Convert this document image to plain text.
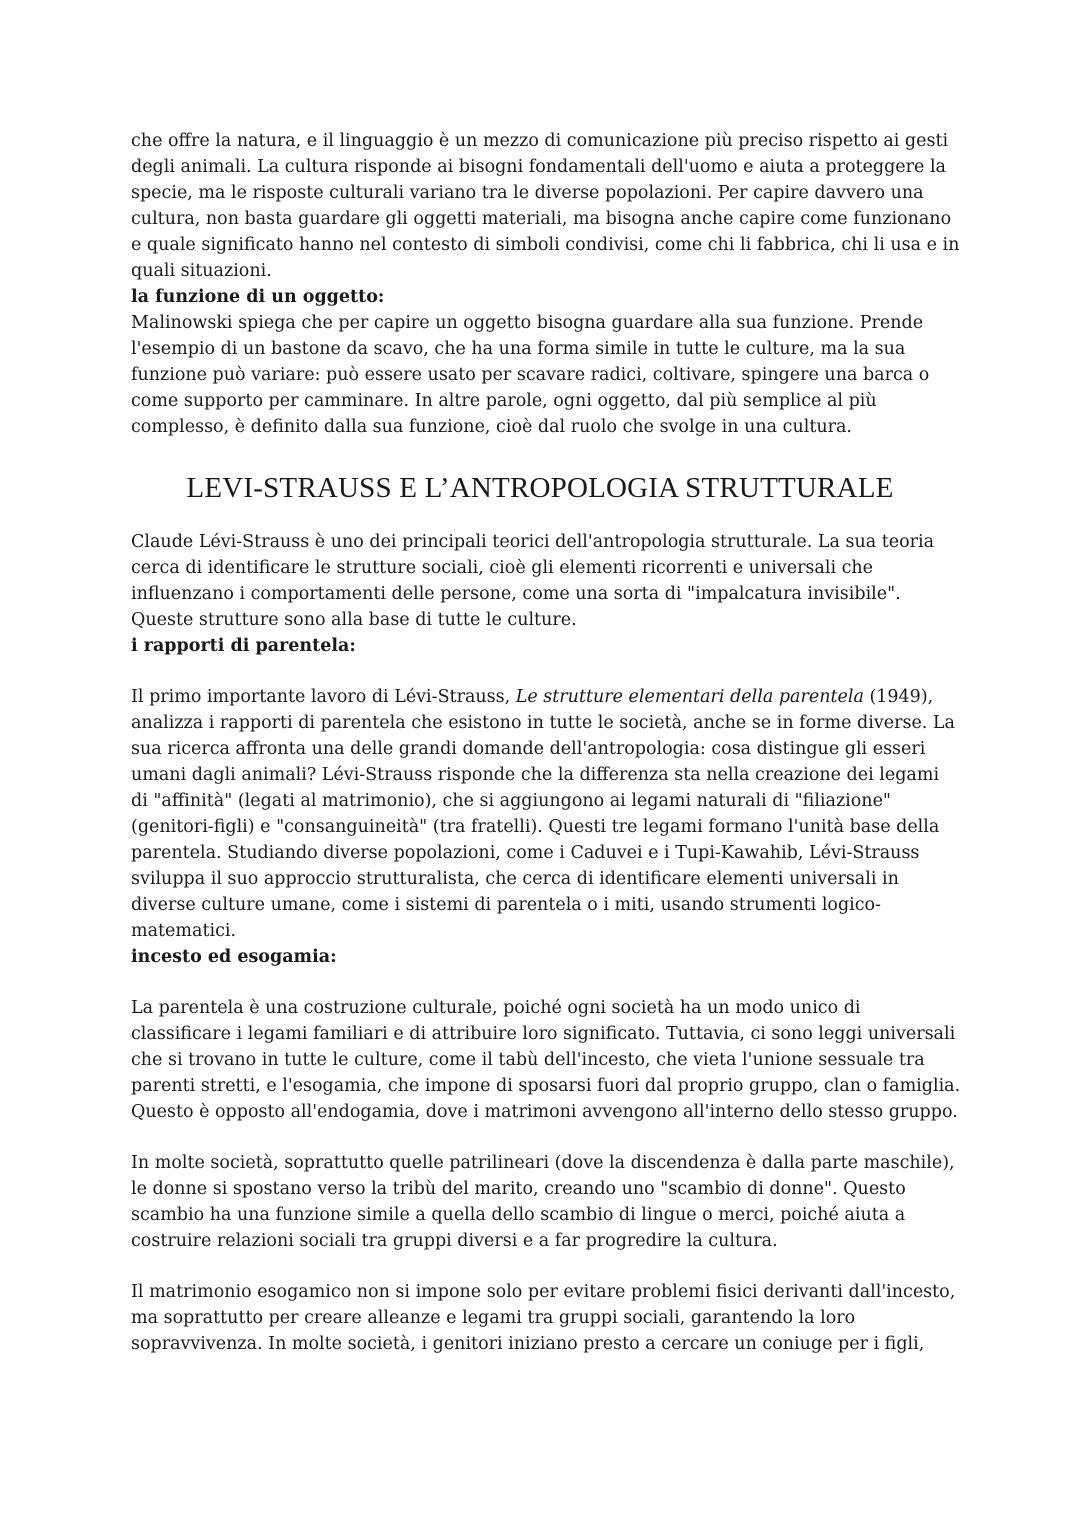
che offre la natura, e il linguaggio è un mezzo di comunicazione più preciso rispetto ai gesti degli animali. La cultura risponde ai bisogni fondamentali dell'uomo e aiuta a proteggere la specie, ma le risposte culturali variano tra le diverse popolazioni. Per capire davvero una cultura, non basta guardare gli oggetti materiali, ma bisogna anche capire come funzionano e quale significato hanno nel contesto di simboli condivisi, come chi li fabbrica, chi li usa e in quali situazioni.

la funzione di un oggetto:

Malinowski spiega che per capire un oggetto bisogna guardare alla sua funzione. Prende l'esempio di un bastone da scavo, che ha una forma simile in tutte le culture, ma la sua funzione può variare: può essere usato per scavare radici, coltivare, spingere una barca o come supporto per camminare. In altre parole, ogni oggetto, dal più semplice al più complesso, è definito dalla sua funzione, cioè dal ruolo che svolge in una cultura.

LEVI-STRAUSS E L’ANTROPOLOGIA STRUTTURALE

Claude Lévi-Strauss è uno dei principali teorici dell'antropologia strutturale. La sua teoria cerca di identificare le strutture sociali, cioè gli elementi ricorrenti e universali che influenzano i comportamenti delle persone, come una sorta di "impalcatura invisibile". Queste strutture sono alla base di tutte le culture.

i rapporti di parentela:

Il primo importante lavoro di Lévi-Strauss, Le strutture elementari della parentela (1949), analizza i rapporti di parentela che esistono in tutte le società, anche se in forme diverse. La sua ricerca affronta una delle grandi domande dell'antropologia: cosa distingue gli esseri umani dagli animali? Lévi-Strauss risponde che la differenza sta nella creazione dei legami di "affinità" (legati al matrimonio), che si aggiungono ai legami naturali di "filiazione" (genitori-figli) e "consanguineità" (tra fratelli). Questi tre legami formano l'unità base della parentela. Studiando diverse popolazioni, come i Caduvei e i Tupi-Kawahib, Lévi-Strauss sviluppa il suo approccio strutturalista, che cerca di identificare elementi universali in diverse culture umane, come i sistemi di parentela o i miti, usando strumenti logico-matematici.

incesto ed esogamia:

La parentela è una costruzione culturale, poiché ogni società ha un modo unico di classificare i legami familiari e di attribuire loro significato. Tuttavia, ci sono leggi universali che si trovano in tutte le culture, come il tabù dell'incesto, che vieta l'unione sessuale tra parenti stretti, e l'esogamia, che impone di sposarsi fuori dal proprio gruppo, clan o famiglia. Questo è opposto all'endogamia, dove i matrimoni avvengono all'interno dello stesso gruppo.

In molte società, soprattutto quelle patrilineari (dove la discendenza è dalla parte maschile), le donne si spostano verso la tribù del marito, creando uno "scambio di donne". Questo scambio ha una funzione simile a quella dello scambio di lingue o merci, poiché aiuta a costruire relazioni sociali tra gruppi diversi e a far progredire la cultura.

Il matrimonio esogamico non si impone solo per evitare problemi fisici derivanti dall'incesto, ma soprattutto per creare alleanze e legami tra gruppi sociali, garantendo la loro sopravvivenza. In molte società, i genitori iniziano presto a cercare un coniuge per i figli,
